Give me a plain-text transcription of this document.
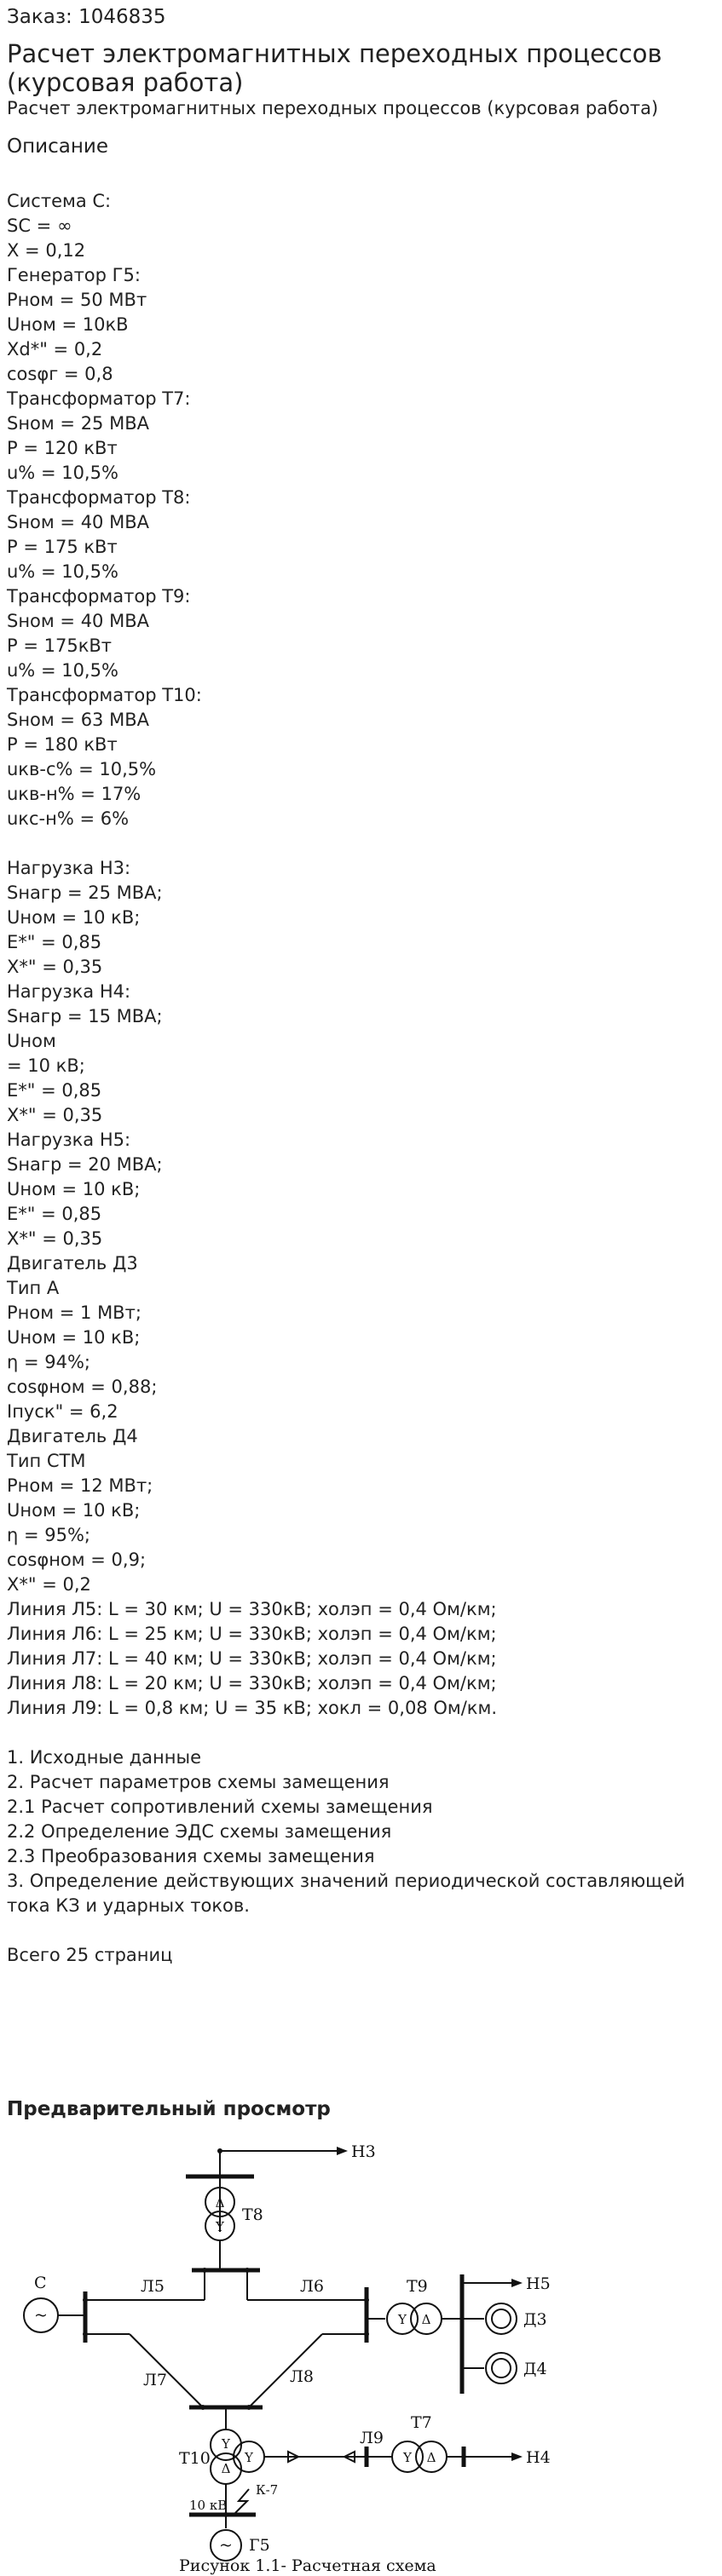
Заказ: 1046835
Расчет электромагнитных переходных процессов (курсовая работа)
Расчет электромагнитных переходных процессов (курсовая работа)
Описание
Система С:
SC = ∞
X = 0,12
Генератор Г5:
Pном = 50 МВт
Uном = 10кВ
Xd*" = 0,2
cosφг = 0,8
Трансформатор Т7:
Sном = 25 МВА
P = 120 кВт
u% = 10,5%
Трансформатор Т8:
Sном = 40 МВА
P = 175 кВт
u% = 10,5%
Трансформатор Т9:
Sном = 40 МВА
P = 175кВт
u% = 10,5%
Трансформатор Т10:
Sном = 63 МВА
P = 180 кВт
uкв-с% = 10,5%
uкв-н% = 17%
uкс-н% = 6%
Нагрузка Н3:
Sнагр = 25 МВА;
Uном = 10 кВ;
E*" = 0,85
X*" = 0,35
Нагрузка Н4:
Sнагр = 15 МВА;
Uном
= 10 кВ;
E*" = 0,85
X*" = 0,35
Нагрузка Н5:
Sнагр = 20 МВА;
Uном = 10 кВ;
E*" = 0,85
X*" = 0,35
Двигатель Д3
Тип А
Pном = 1 МВт;
Uном = 10 кВ;
η = 94%;
cosφном = 0,88;
Iпуск" = 6,2
Двигатель Д4
Тип СТМ
Pном = 12 МВт;
Uном = 10 кВ;
η = 95%;
cosφном = 0,9;
X*" = 0,2
Линия Л5: L = 30 км; U = 330кВ; xолэп = 0,4 Ом/км;
Линия Л6: L = 25 км; U = 330кВ; xолэп = 0,4 Ом/км;
Линия Л7: L = 40 км; U = 330кВ; xолэп = 0,4 Ом/км;
Линия Л8: L = 20 км; U = 330кВ; xолэп = 0,4 Ом/км;
Линия Л9: L = 0,8 км; U = 35 кВ; xокл = 0,08 Ом/км.
1. Исходные данные
2. Расчет параметров схемы замещения
2.1 Расчет сопротивлений схемы замещения
2.2 Определение ЭДС схемы замещения
2.3 Преобразования схемы замещения
3. Определение действующих значений периодической составляющей тока КЗ и ударных токов.
Всего 25 страниц
Предварительный просмотр
Н3
Δ
Y
Т8
Л5	Л6
~
С
Y Δ
Т9	Н5
Д3
Д4
Л7	Л8
Y
Δ
Y
Т10
Л9
Y Δ
Т7
Н4
10 кВ
К-7
~ Г5
Рисунок 1.1- Расчетная схема
